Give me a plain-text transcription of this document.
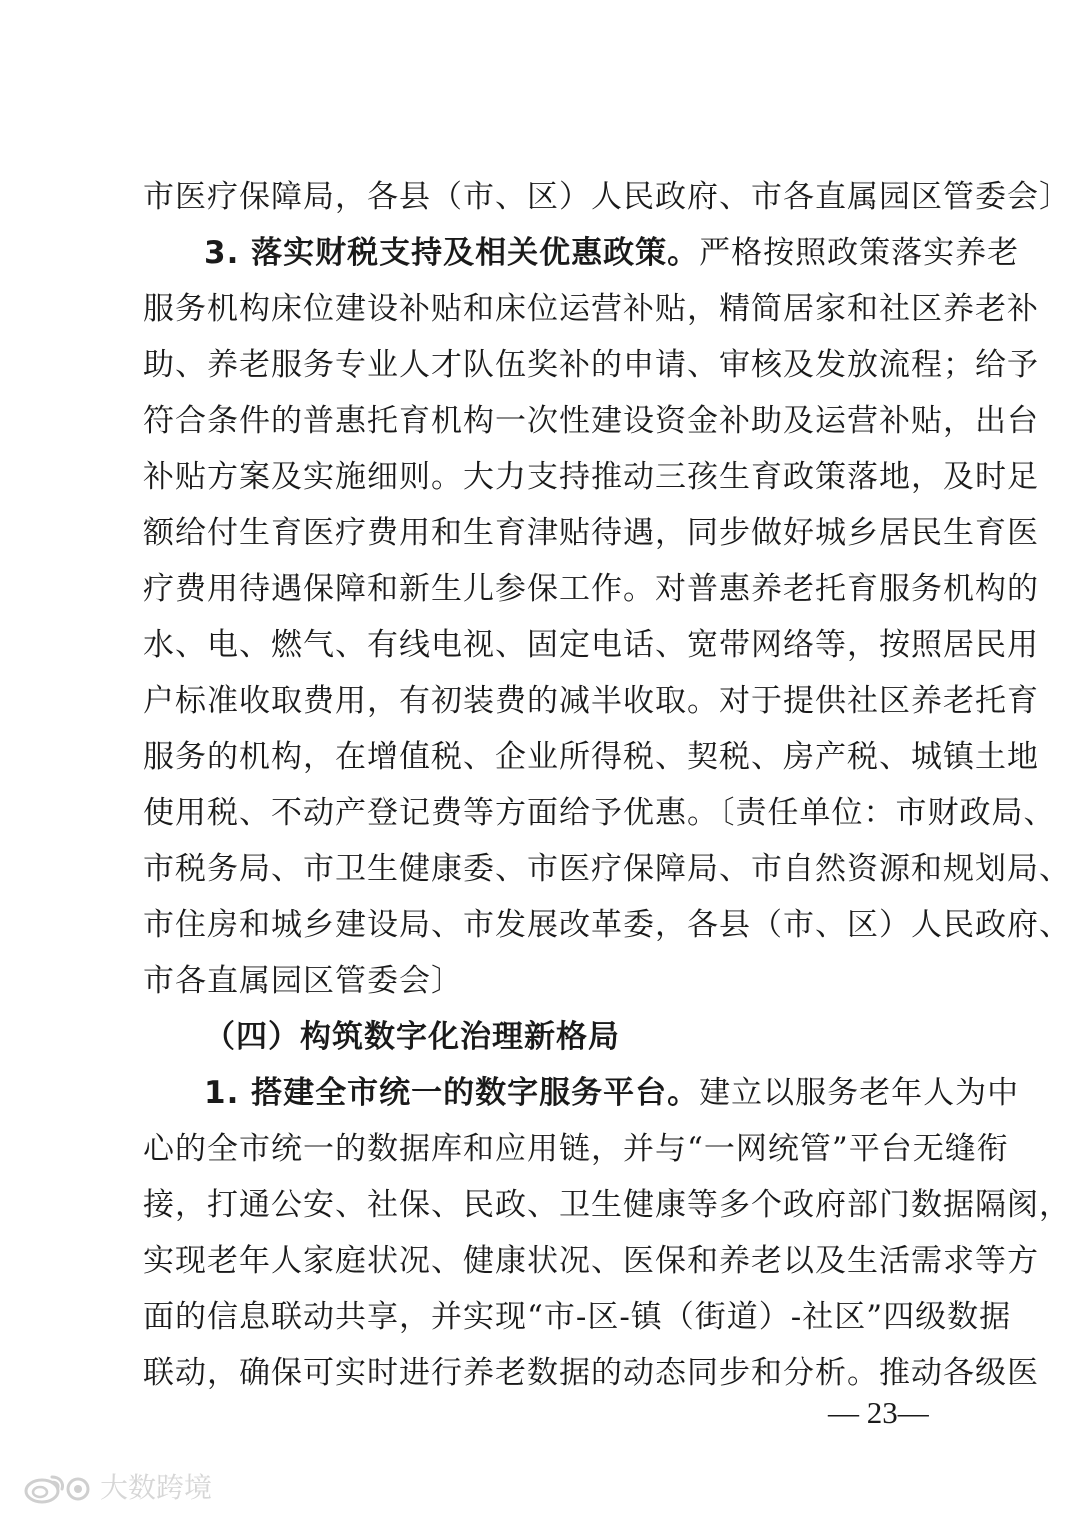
市医疗保障局，各县（市、区）人民政府、市各直属园区管委会〕
3. 落实财税支持及相关优惠政策。严格按照政策落实养老
服务机构床位建设补贴和床位运营补贴，精简居家和社区养老补
助、养老服务专业人才队伍奖补的申请、审核及发放流程；给予
符合条件的普惠托育机构一次性建设资金补助及运营补贴，出台
补贴方案及实施细则。大力支持推动三孩生育政策落地，及时足
额给付生育医疗费用和生育津贴待遇，同步做好城乡居民生育医
疗费用待遇保障和新生儿参保工作。对普惠养老托育服务机构的
水、电、燃气、有线电视、固定电话、宽带网络等，按照居民用
户标准收取费用，有初装费的减半收取。对于提供社区养老托育
服务的机构，在增值税、企业所得税、契税、房产税、城镇土地
使用税、不动产登记费等方面给予优惠。〔责任单位：市财政局、
市税务局、市卫生健康委、市医疗保障局、市自然资源和规划局、
市住房和城乡建设局、市发展改革委，各县（市、区）人民政府、
市各直属园区管委会〕
（四）构筑数字化治理新格局
1. 搭建全市统一的数字服务平台。建立以服务老年人为中
心的全市统一的数据库和应用链，并与“一网统管”平台无缝衔
接，打通公安、社保、民政、卫生健康等多个政府部门数据隔阂，
实现老年人家庭状况、健康状况、医保和养老以及生活需求等方
面的信息联动共享，并实现“市-区-镇（街道）-社区”四级数据
联动，确保可实时进行养老数据的动态同步和分析。推动各级医
— 23—
大数跨境
